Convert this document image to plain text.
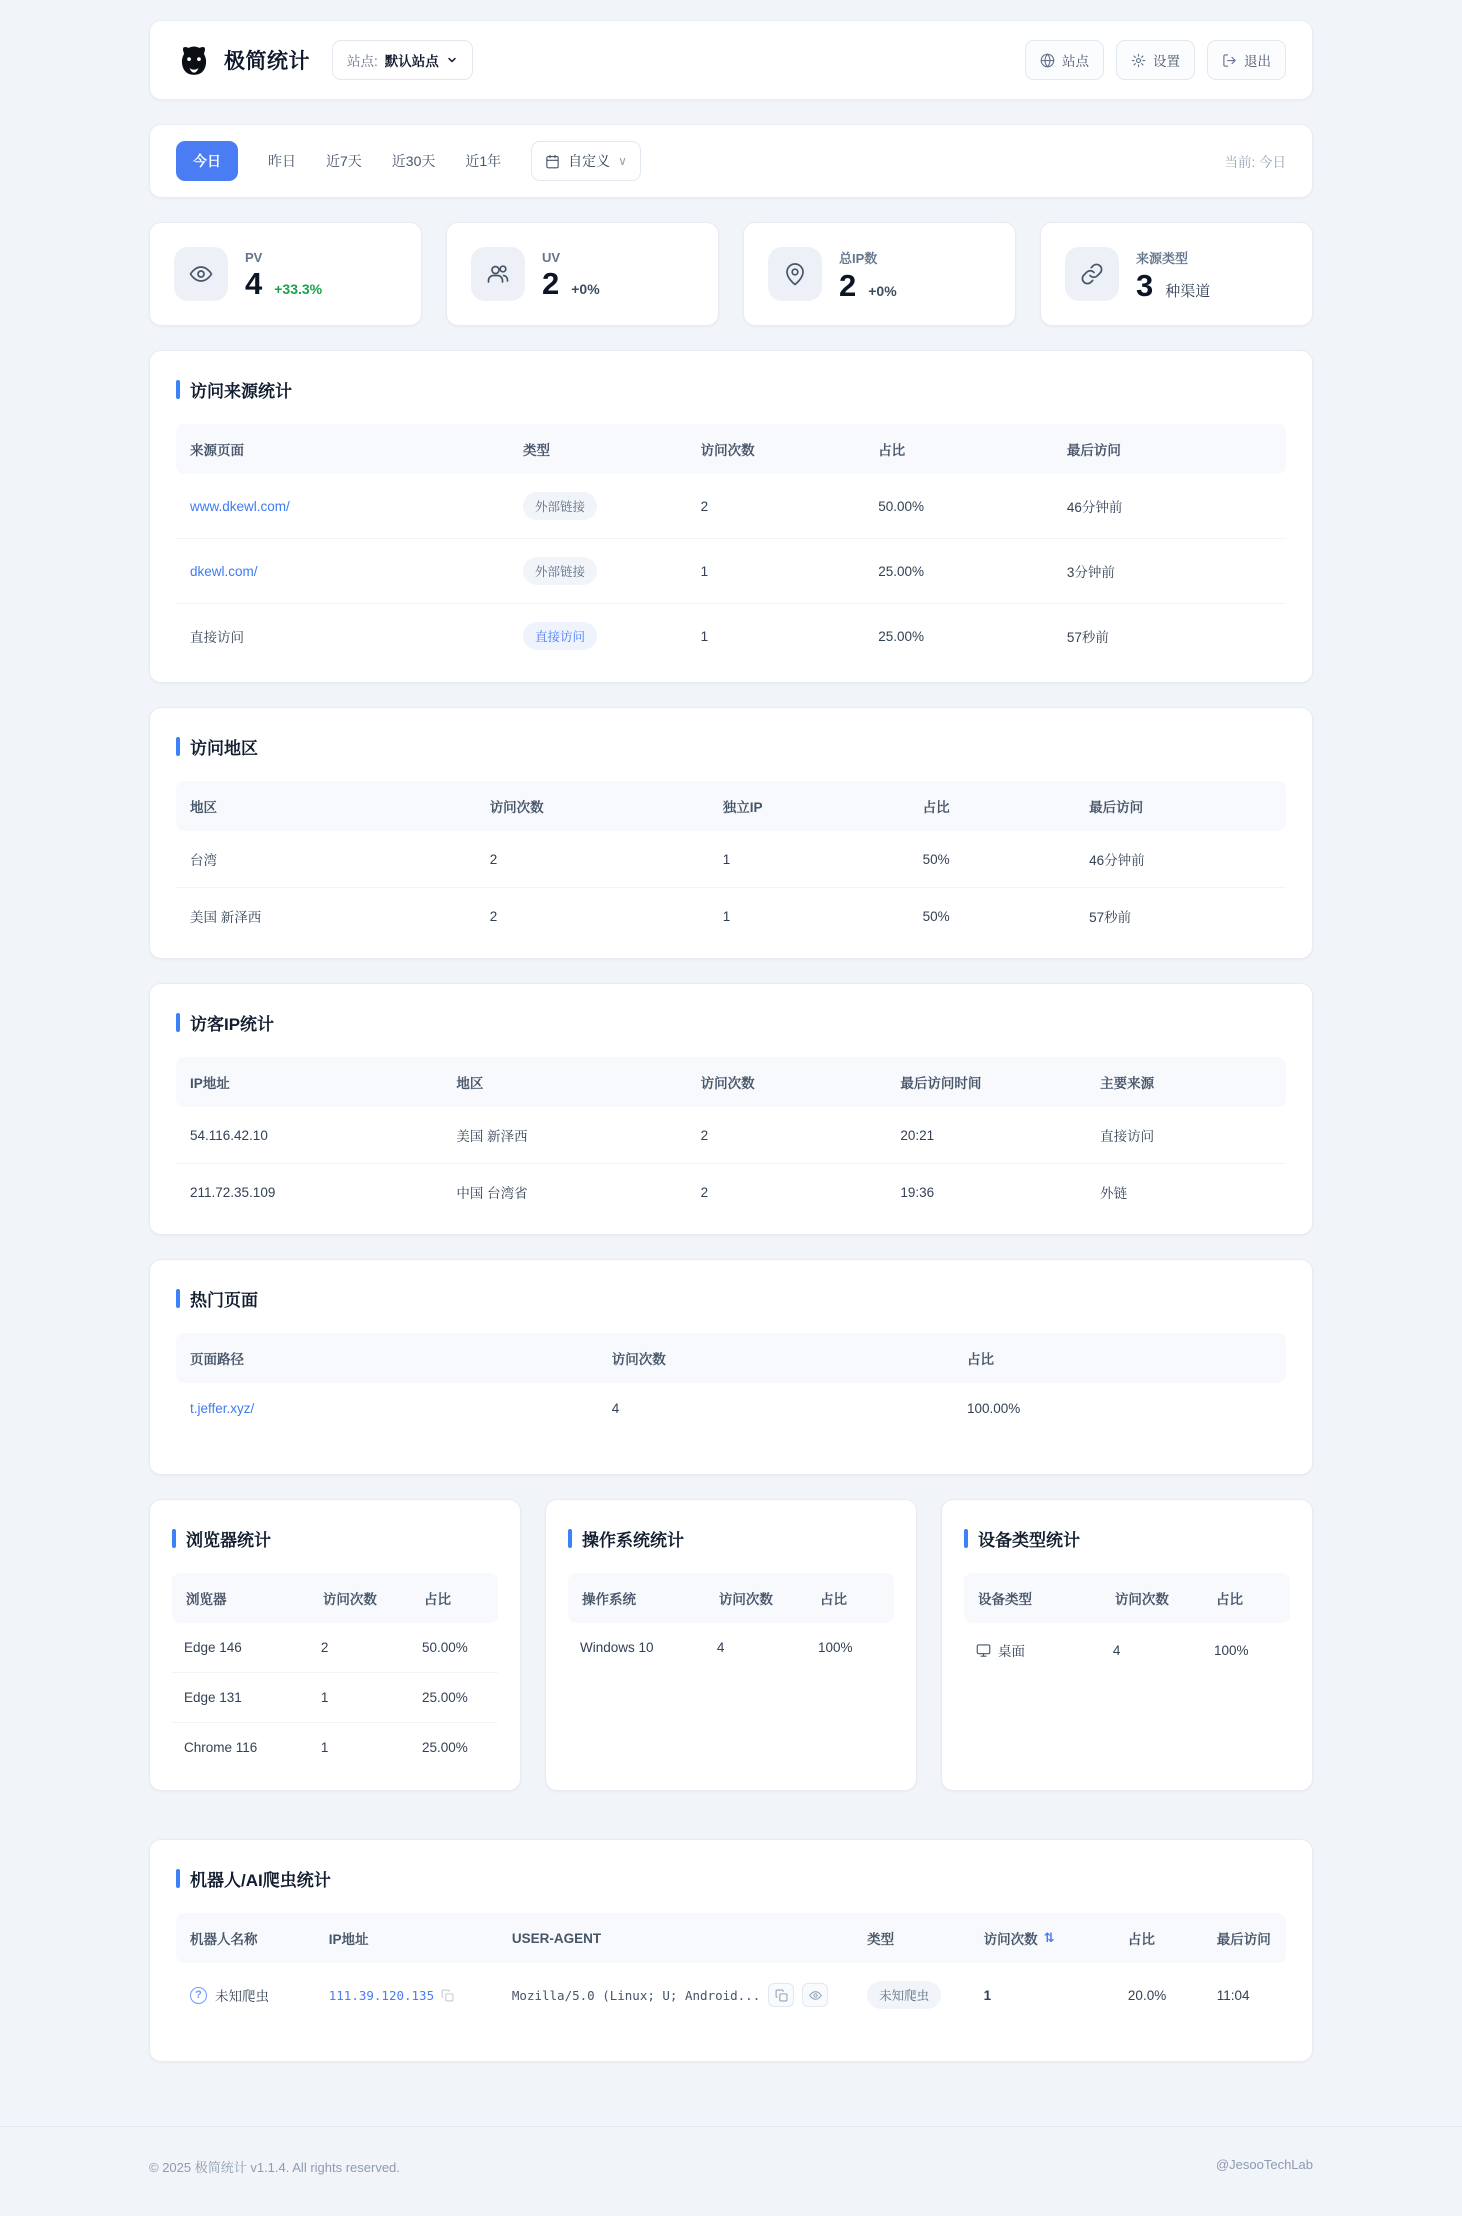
极简统计	站点: 默认站点	站点	设置	退出
今日	昨日 近7天 近30天 近1年	自定义 ∨	当前: 今日
PV
4 +33.3%
UV
2 +0%
总IP数
2 +0%
来源类型
3 种渠道
访问来源统计
来源页面	类型	访问次数	占比	最后访问
www.dkewl.com/	外部链接	2	50.00%	46分钟前
dkewl.com/	外部链接	1	25.00%	3分钟前
直接访问	直接访问	1	25.00%	57秒前
访问地区
地区	访问次数	独立IP	占比	最后访问
台湾	2	1	50%	46分钟前
美国 新泽西	2	1	50%	57秒前
访客IP统计
IP地址	地区	访问次数	最后访问时间	主要来源
54.116.42.10	美国 新泽西	2	20:21	直接访问
211.72.35.109	中国 台湾省	2	19:36	外链
热门页面
页面路径	访问次数	占比
t.jeffer.xyz/	4	100.00%
浏览器统计
浏览器	访问次数	占比
Edge 146	2	50.00%
Edge 131	1	25.00%
Chrome 116	1	25.00%
操作系统统计
操作系统	访问次数	占比
Windows 10	4	100%
设备类型统计
设备类型	访问次数	占比

桌面	4	100%
机器人/AI爬虫统计
机器人名称	IP地址	USER-AGENT	类型	访问次数 ⇅	占比	最后访问

? 未知爬虫	111.39.120.135	Mozilla/5.0 (Linux; U; Android...	未知爬虫	1	20.0%	11:04
© 2025 极简统计 v1.1.4. All rights reserved.	@JesooTechLab
